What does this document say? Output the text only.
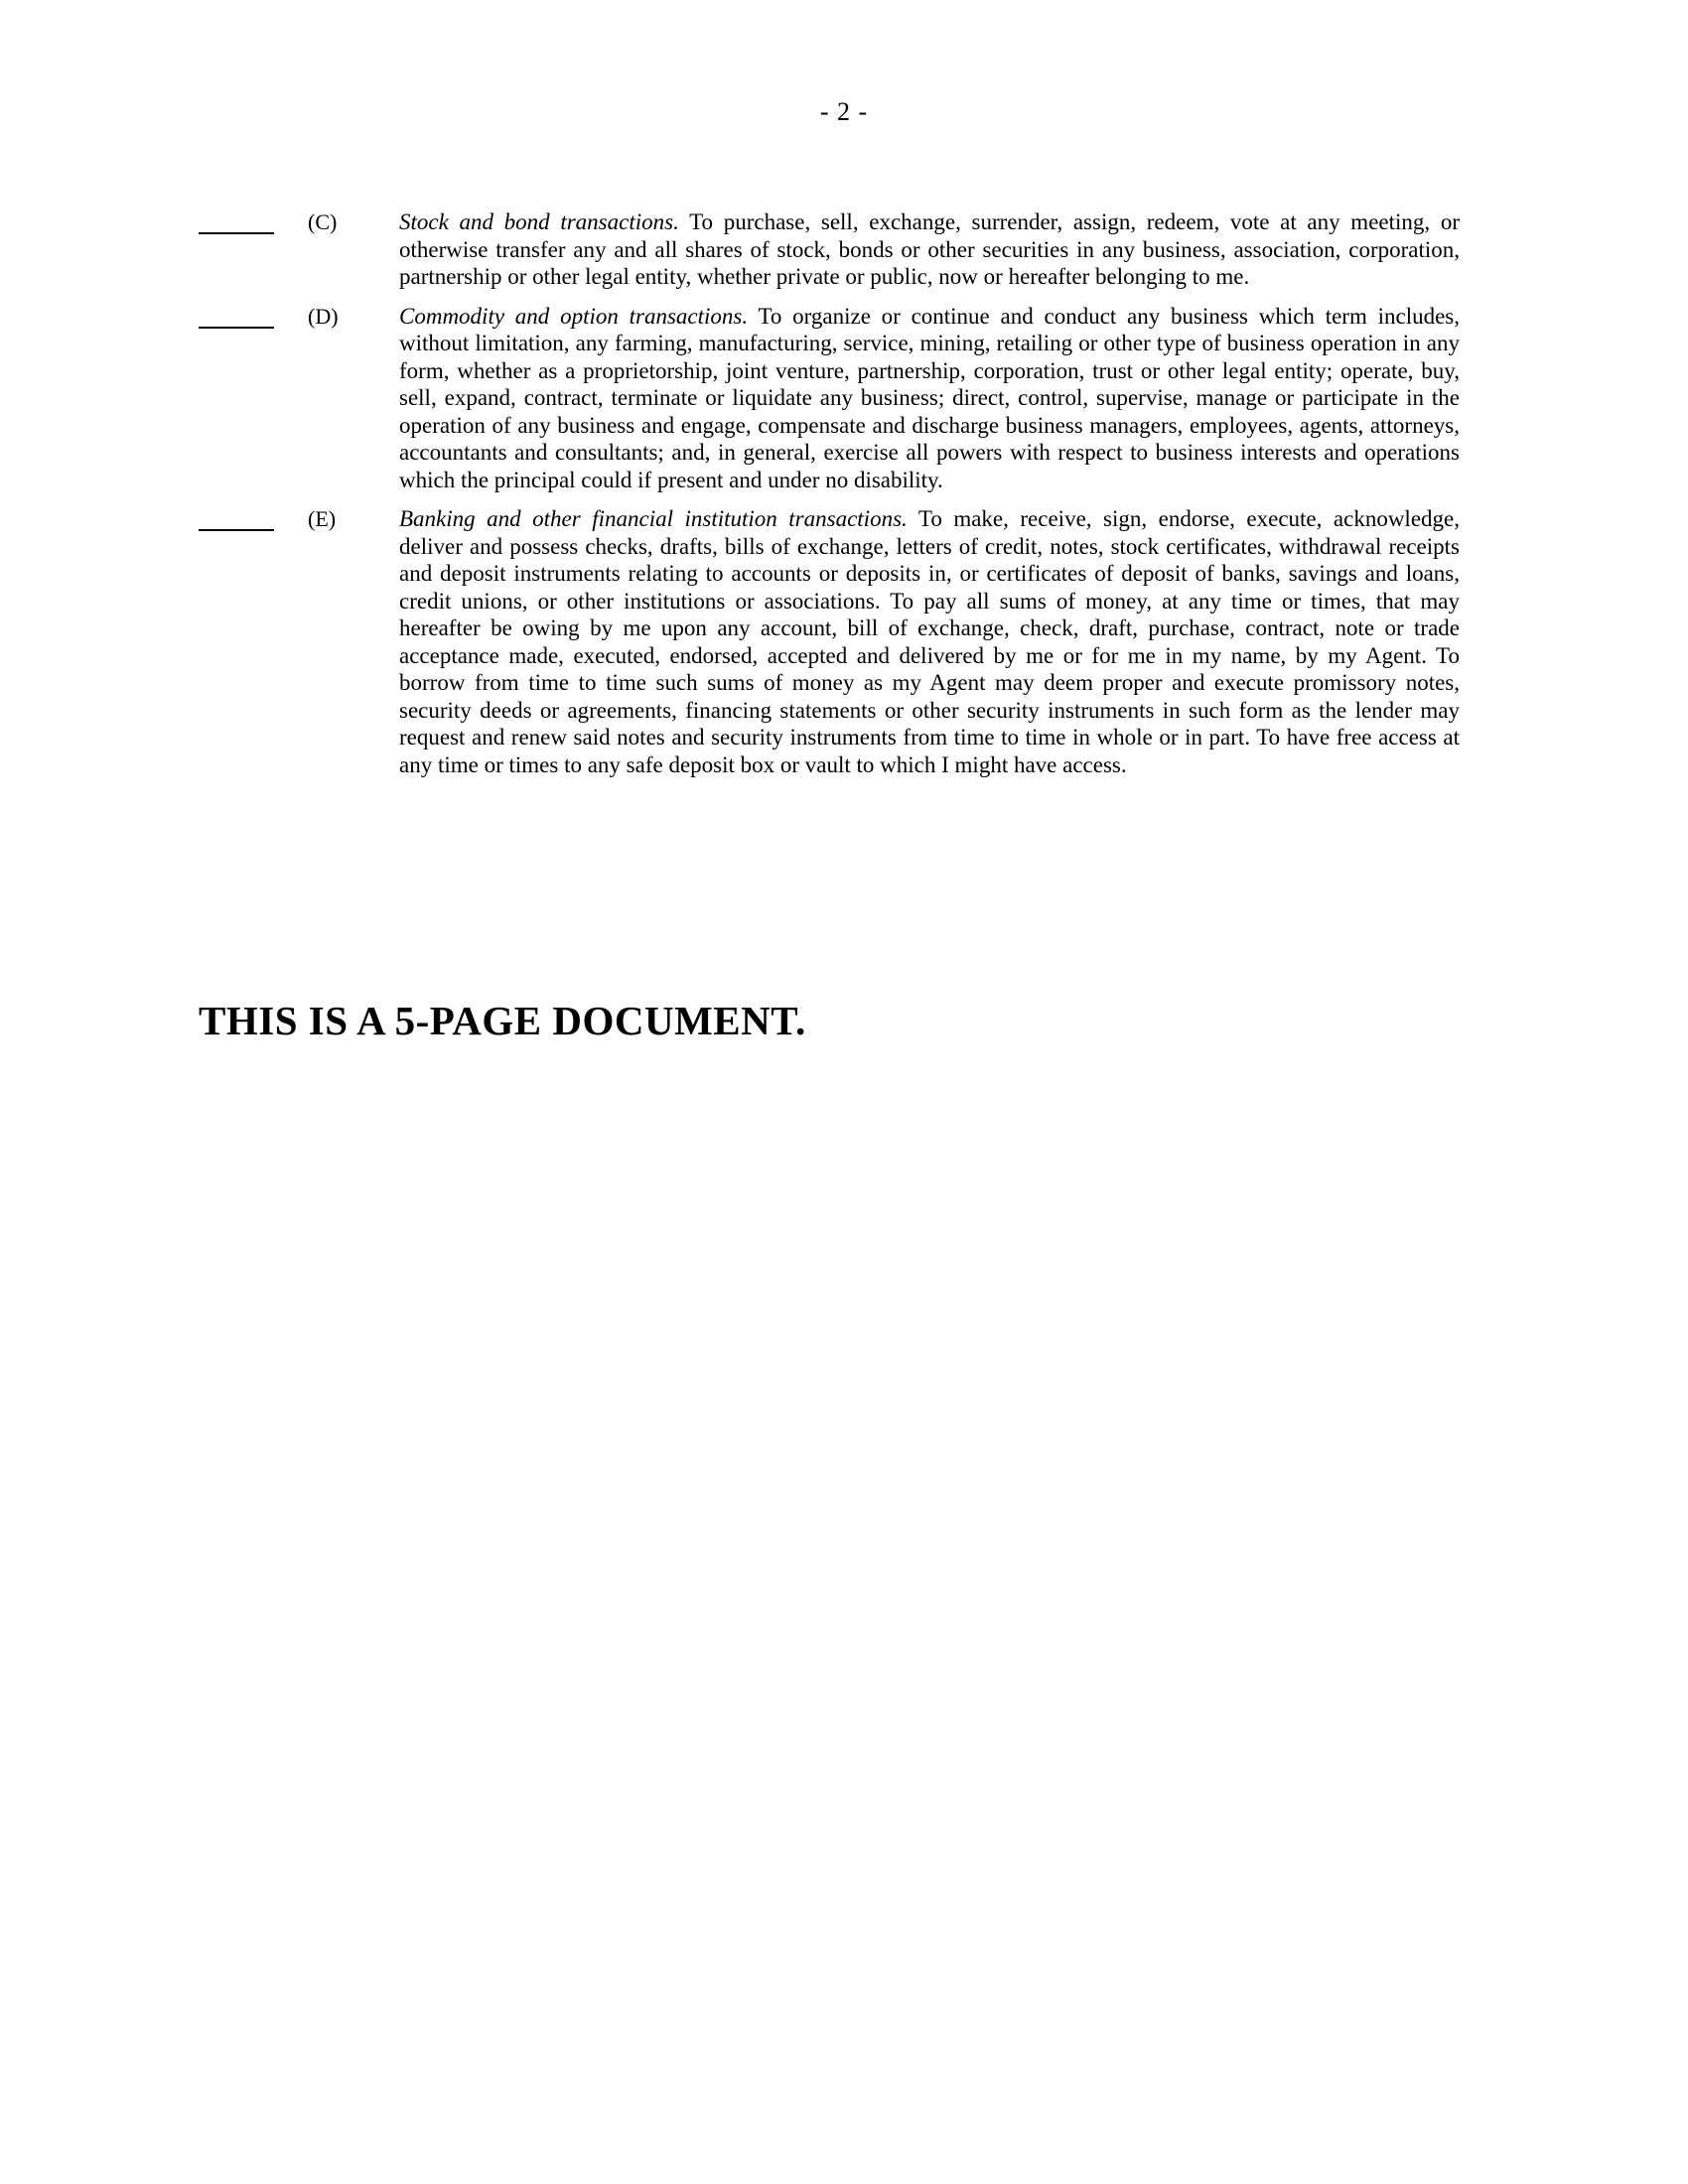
- 2 -
(C)	Stock and bond transactions. To purchase, sell, exchange, surrender, assign, redeem, vote at any meeting, or otherwise transfer any and all shares of stock, bonds or other securities in any business, association, corporation, partnership or other legal entity, whether private or public, now or hereafter belonging to me.
(D)	Commodity and option transactions. To organize or continue and conduct any business which term includes, without limitation, any farming, manufacturing, service, mining, retailing or other type of business operation in any form, whether as a proprietorship, joint venture, partnership, corporation, trust or other legal entity; operate, buy, sell, expand, contract, terminate or liquidate any business; direct, control, supervise, manage or participate in the operation of any business and engage, compensate and discharge business managers, employees, agents, attorneys, accountants and consultants; and, in general, exercise all powers with respect to business interests and operations which the principal could if present and under no disability.
(E)	Banking and other financial institution transactions. To make, receive, sign, endorse, execute, acknowledge, deliver and possess checks, drafts, bills of exchange, letters of credit, notes, stock certificates, withdrawal receipts and deposit instruments relating to accounts or deposits in, or certificates of deposit of banks, savings and loans, credit unions, or other institutions or associations. To pay all sums of money, at any time or times, that may hereafter be owing by me upon any account, bill of exchange, check, draft, purchase, contract, note or trade acceptance made, executed, endorsed, accepted and delivered by me or for me in my name, by my Agent. To borrow from time to time such sums of money as my Agent may deem proper and execute promissory notes, security deeds or agreements, financing statements or other security instruments in such form as the lender may request and renew said notes and security instruments from time to time in whole or in part. To have free access at any time or times to any safe deposit box or vault to which I might have access.
THIS IS A 5-PAGE DOCUMENT.
